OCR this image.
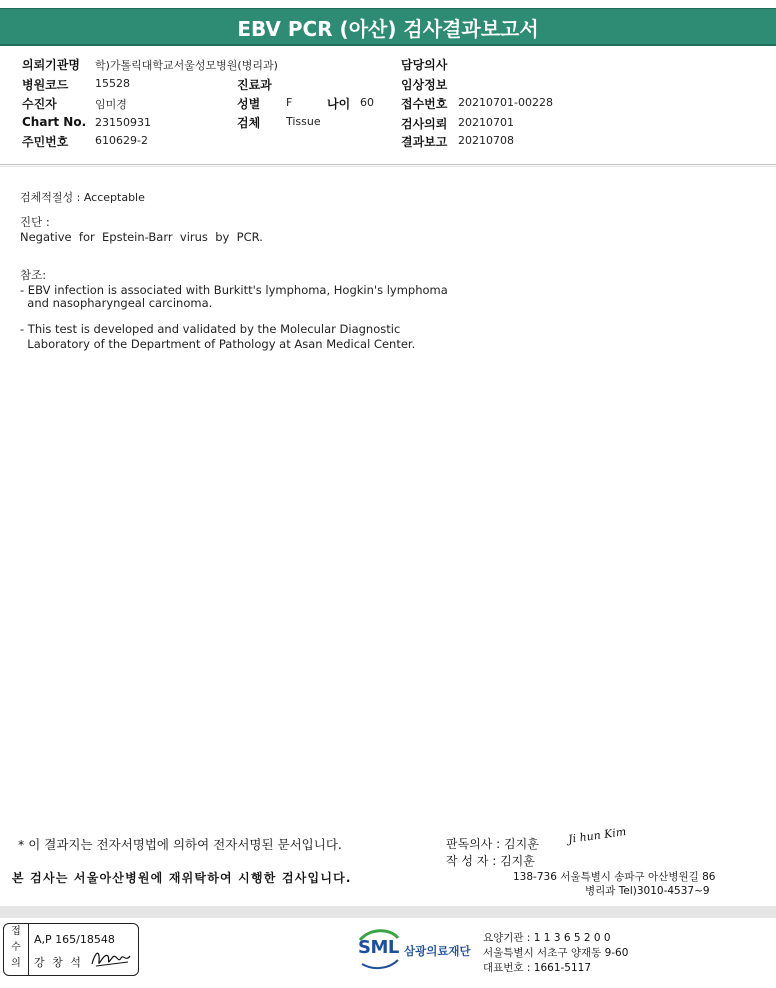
EBV PCR (아산) 검사결과보고서
의뢰기관명 학)가톨릭대학교서울성모병원(병리과)	담당의사
병원코드 15528	진료과	임상정보
수진자	임미경	성별 F	나이 60 접수번호 20210701-00228
Chart No. 23150931	검체 Tissue	검사의뢰 20210701
주민번호 610629-2	결과보고 20210708
검체적절성 : Acceptable
진단 :
Negative  for  Epstein-Barr  virus  by  PCR.
참조:
- EBV infection is associated with Burkitt's lymphoma, Hogkin's lymphoma
and nasopharyngeal carcinoma.
- This test is developed and validated by the Molecular Diagnostic
Laboratory of the Department of Pathology at Asan Medical Center.
* 이 결과지는 전자서명법에 의하여 전자서명된 문서입니다.	판독의사 : 김지훈	Ji hun Kim
작 성 자 : 김지훈
본 검사는 서울아산병원에 재위탁하여 시행한 검사입니다.	138-736 서울특별시 송파구 아산병원길 86
병리과 Tel)3010-4537~9
접
수
의
A,P 165/18548
강 창 석
SML 삼광의료재단
요양기관 : 1 1 3 6 5 2 0 0
서울특별시 서초구 양재동 9-60
대표번호 : 1661-5117
